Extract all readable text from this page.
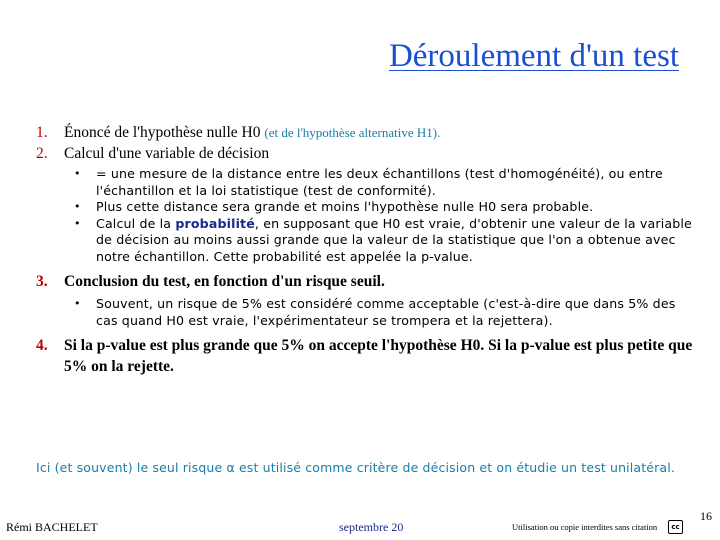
Déroulement d'un test
1. Énoncé de l'hypothèse nulle H0 (et de l'hypothèse alternative H1).
2. Calcul d'une variable de décision
• = une mesure de la distance entre les deux échantillons (test d'homogénéité), ou entre l'échantillon et la loi statistique (test de conformité).
• Plus cette distance sera grande et moins l'hypothèse nulle H0 sera probable.
• Calcul de la probabilité, en supposant que H0 est vraie, d'obtenir une valeur de la variable de décision au moins aussi grande que la valeur de la statistique que l'on a obtenue avec notre échantillon. Cette probabilité est appelée la p-value.
3. Conclusion du test, en fonction d'un risque seuil.
• Souvent, un risque de 5% est considéré comme acceptable (c'est-à-dire que dans 5% des cas quand H0 est vraie, l'expérimentateur se trompera et la rejettera).
4. Si la p-value est plus grande que 5% on accepte l'hypothèse H0. Si la p-value est plus petite que 5% on la rejette.
Ici (et souvent) le seul risque α est utilisé comme critère de décision et on étudie un test unilatéral.
16
Rémi BACHELET	septembre 20	Utilisation ou copie interdites sans citation	cc
